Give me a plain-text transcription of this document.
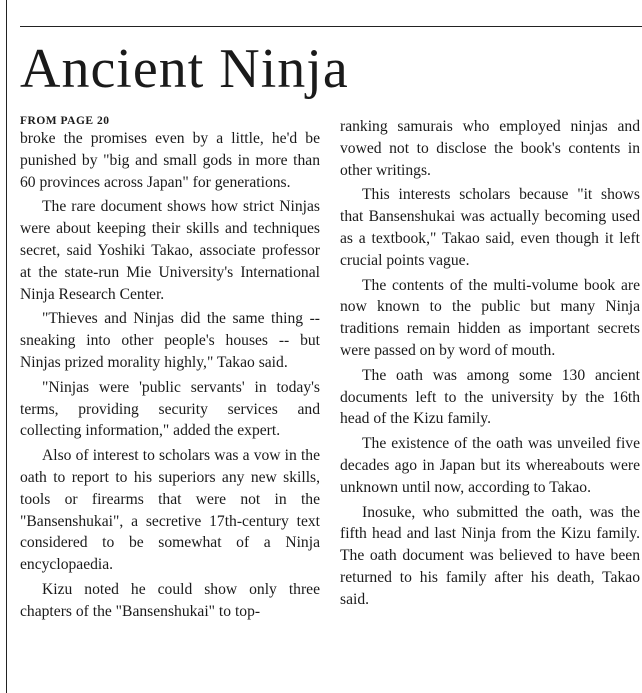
Ancient Ninja
FROM PAGE 20

broke the promises even by a little, he'd be punished by "big and small gods in more than 60 provinces across Japan" for generations.

The rare document shows how strict Ninjas were about keeping their skills and techniques secret, said Yoshiki Takao, associate professor at the state-run Mie University's International Ninja Research Center.

"Thieves and Ninjas did the same thing -- sneaking into other people's houses -- but Ninjas prized morality highly," Takao said.

"Ninjas were 'public servants' in today's terms, providing security services and collecting information," added the expert.

Also of interest to scholars was a vow in the oath to report to his superiors any new skills, tools or firearms that were not in the "Bansenshukai", a secretive 17th-century text considered to be somewhat of a Ninja encyclopaedia.

Kizu noted he could show only three chapters of the "Bansenshukai" to top-

ranking samurais who employed ninjas and vowed not to disclose the book's contents in other writings.

This interests scholars because "it shows that Bansenshukai was actually becoming used as a textbook," Takao said, even though it left crucial points vague.

The contents of the multi-volume book are now known to the public but many Ninja traditions remain hidden as important secrets were passed on by word of mouth.

The oath was among some 130 ancient documents left to the university by the 16th head of the Kizu family.

The existence of the oath was unveiled five decades ago in Japan but its whereabouts were unknown until now, according to Takao.

Inosuke, who submitted the oath, was the fifth head and last Ninja from the Kizu family. The oath document was believed to have been returned to his family after his death, Takao said.
